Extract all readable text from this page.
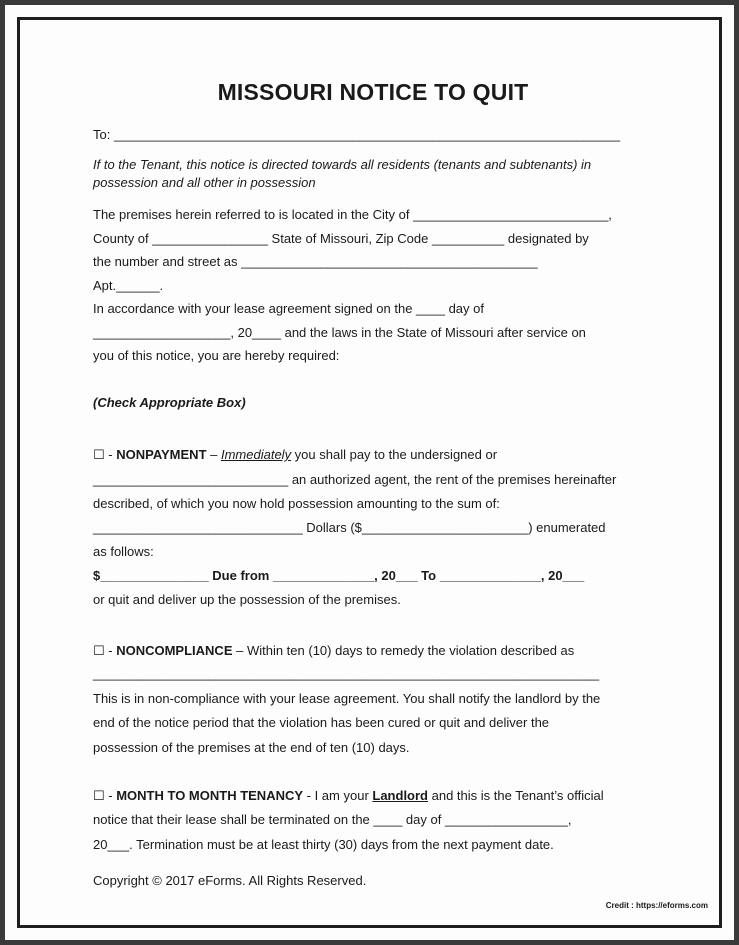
MISSOURI NOTICE TO QUIT
To: ______________________________________________________________________
If to the Tenant, this notice is directed towards all residents (tenants and subtenants) in
possession and all other in possession
The premises herein referred to is located in the City of ___________________________,
County of ________________ State of Missouri, Zip Code __________ designated by
the number and street as _________________________________________
Apt.______.
In accordance with your lease agreement signed on the ____ day of
___________________, 20____ and the laws in the State of Missouri after service on
you of this notice, you are hereby required:
(Check Appropriate Box)
☐ - NONPAYMENT – Immediately you shall pay to the undersigned or
___________________________ an authorized agent, the rent of the premises hereinafter
described, of which you now hold possession amounting to the sum of:
_____________________________ Dollars ($_______________________) enumerated
as follows:
$_______________ Due from ______________, 20___ To ______________, 20___
or quit and deliver up the possession of the premises.
☐ - NONCOMPLIANCE – Within ten (10) days to remedy the violation described as
______________________________________________________________________
This is in non-compliance with your lease agreement. You shall notify the landlord by the
end of the notice period that the violation has been cured or quit and deliver the
possession of the premises at the end of ten (10) days.
☐ - MONTH TO MONTH TENANCY - I am your Landlord and this is the Tenant’s official
notice that their lease shall be terminated on the ____ day of _________________,
20___. Termination must be at least thirty (30) days from the next payment date.
Copyright © 2017 eForms. All Rights Reserved.
Credit : https://eforms.com
